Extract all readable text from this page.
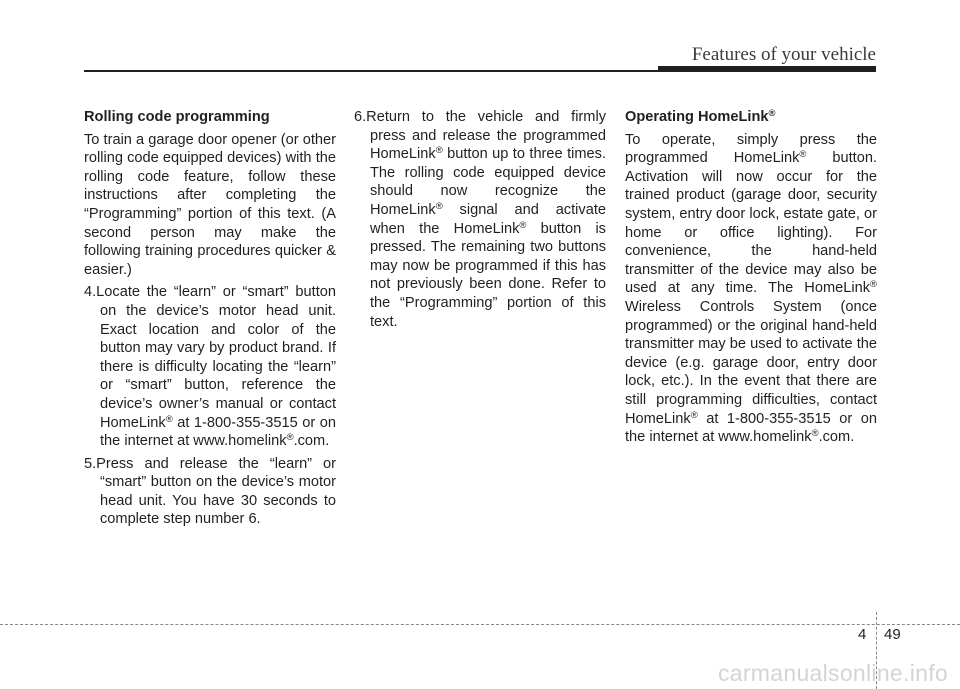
Features of your vehicle

Rolling code programming

To train a garage door opener (or other rolling code equipped devices) with the rolling code feature, follow these instructions after completing the “Programming” portion of this text. (A second person may make the following training procedures quicker & easier.)

4.Locate the “learn” or “smart” button on the device’s motor head unit. Exact location and color of the button may vary by product brand. If there is difficulty locating the “learn” or “smart” button, reference the device’s owner’s manual or contact HomeLink® at 1-800-355-3515 or on the internet at www.homelink®.com.

5.Press and release the “learn” or “smart” button on the device’s motor head unit. You have 30 seconds to complete step number 6.

6.Return to the vehicle and firmly press and release the programmed HomeLink® button up to three times. The rolling code equipped device should now recognize the HomeLink® signal and activate when the HomeLink® button is pressed. The remaining two buttons may now be programmed if this has not previously been done. Refer to the “Programming” portion of this text.

Operating HomeLink®

To operate, simply press the programmed HomeLink® button. Activation will now occur for the trained product (garage door, security system, entry door lock, estate gate, or home or office lighting). For convenience, the hand-held transmitter of the device may also be used at any time. The HomeLink® Wireless Controls System (once programmed) or the original hand-held transmitter may be used to activate the device (e.g. garage door, entry door lock, etc.). In the event that there are still programming difficulties, contact HomeLink® at 1-800-355-3515 or on the internet at www.homelink®.com.

4 49
carmanualsonline.info
